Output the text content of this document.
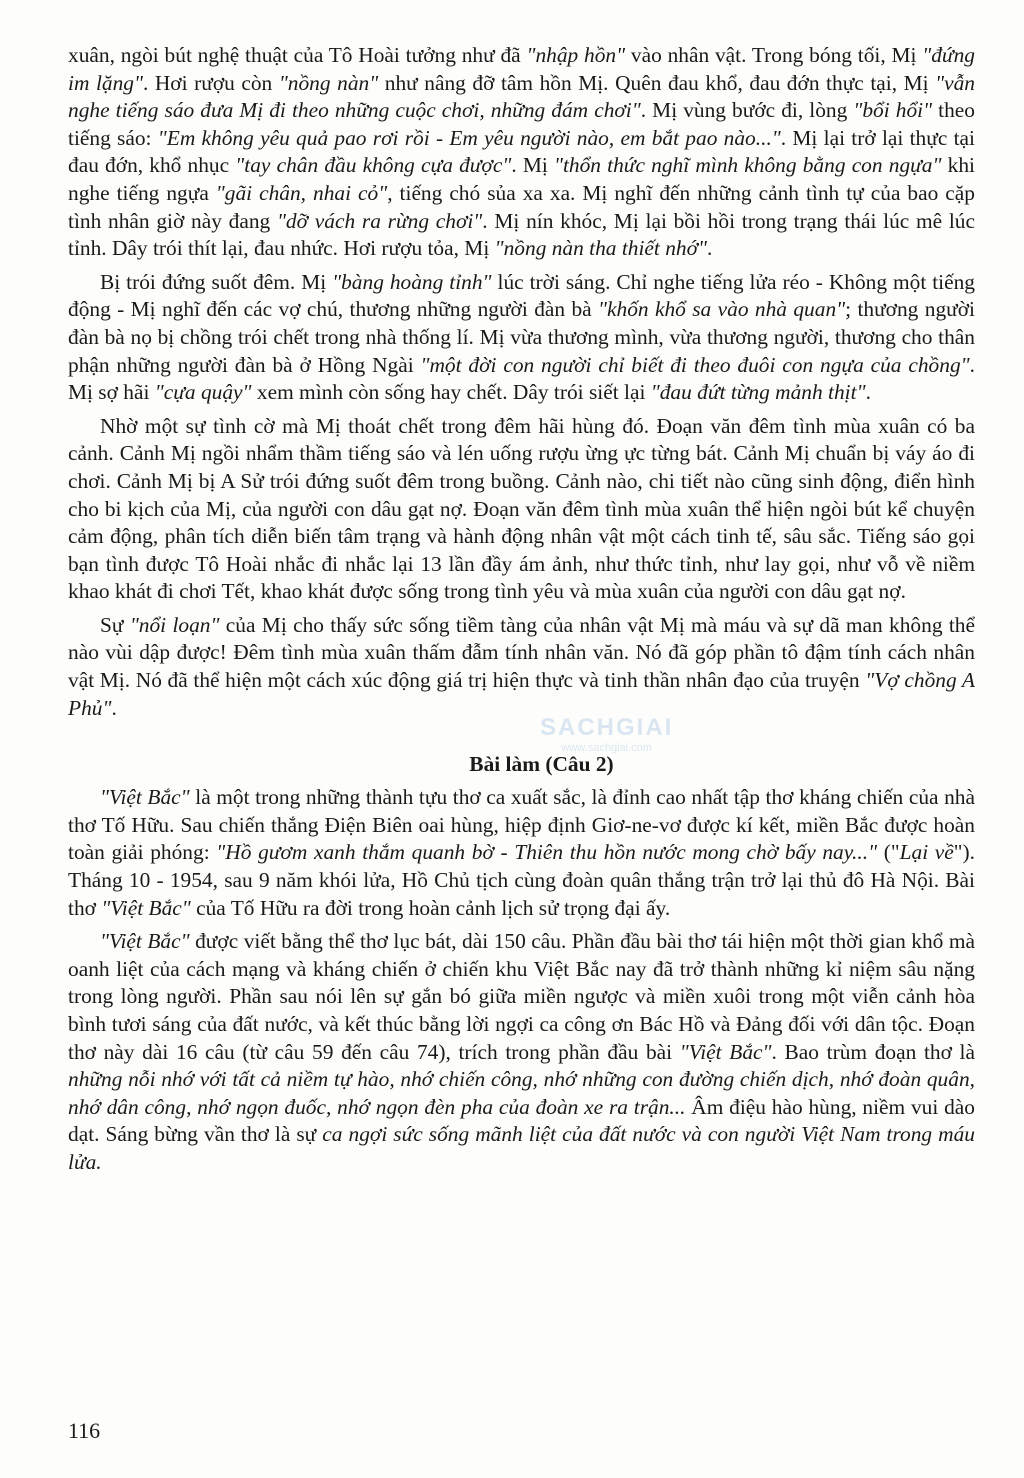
xuân, ngòi bút nghệ thuật của Tô Hoài tưởng như đã "nhập hồn" vào nhân vật. Trong bóng tối, Mị "đứng im lặng". Hơi rượu còn "nồng nàn" như nâng đỡ tâm hồn Mị. Quên đau khổ, đau đớn thực tại, Mị "vẫn nghe tiếng sáo đưa Mị đi theo những cuộc chơi, những đám chơi". Mị vùng bước đi, lòng "bổi hổi" theo tiếng sáo: "Em không yêu quả pao rơi rồi - Em yêu người nào, em bắt pao nào...". Mị lại trở lại thực tại đau đớn, khổ nhục "tay chân đầu không cựa được". Mị "thổn thức nghĩ mình không bằng con ngựa" khi nghe tiếng ngựa "gãi chân, nhai cỏ", tiếng chó sủa xa xa. Mị nghĩ đến những cảnh tình tự của bao cặp tình nhân giờ này đang "dỡ vách ra rừng chơi". Mị nín khóc, Mị lại bồi hồi trong trạng thái lúc mê lúc tỉnh. Dây trói thít lại, đau nhức. Hơi rượu tỏa, Mị "nồng nàn tha thiết nhớ".

Bị trói đứng suốt đêm. Mị "bàng hoàng tỉnh" lúc trời sáng. Chỉ nghe tiếng lửa réo - Không một tiếng động - Mị nghĩ đến các vợ chú, thương những người đàn bà "khốn khổ sa vào nhà quan"; thương người đàn bà nọ bị chồng trói chết trong nhà thống lí. Mị vừa thương mình, vừa thương người, thương cho thân phận những người đàn bà ở Hồng Ngài "một đời con người chỉ biết đi theo đuôi con ngựa của chồng". Mị sợ hãi "cựa quậy" xem mình còn sống hay chết. Dây trói siết lại "đau đứt từng mảnh thịt".

Nhờ một sự tình cờ mà Mị thoát chết trong đêm hãi hùng đó. Đoạn văn đêm tình mùa xuân có ba cảnh. Cảnh Mị ngồi nhẩm thầm tiếng sáo và lén uống rượu ừng ực từng bát. Cảnh Mị chuẩn bị váy áo đi chơi. Cảnh Mị bị A Sử trói đứng suốt đêm trong buồng. Cảnh nào, chi tiết nào cũng sinh động, điển hình cho bi kịch của Mị, của người con dâu gạt nợ. Đoạn văn đêm tình mùa xuân thể hiện ngòi bút kể chuyện cảm động, phân tích diễn biến tâm trạng và hành động nhân vật một cách tinh tế, sâu sắc. Tiếng sáo gọi bạn tình được Tô Hoài nhắc đi nhắc lại 13 lần đầy ám ảnh, như thức tỉnh, như lay gọi, như vỗ về niềm khao khát đi chơi Tết, khao khát được sống trong tình yêu và mùa xuân của người con dâu gạt nợ.

Sự "nổi loạn" của Mị cho thấy sức sống tiềm tàng của nhân vật Mị mà máu và sự dã man không thể nào vùi dập được! Đêm tình mùa xuân thấm đẫm tính nhân văn. Nó đã góp phần tô đậm tính cách nhân vật Mị. Nó đã thể hiện một cách xúc động giá trị hiện thực và tinh thần nhân đạo của truyện "Vợ chồng A Phủ".

Bài làm (Câu 2)

"Việt Bắc" là một trong những thành tựu thơ ca xuất sắc, là đỉnh cao nhất tập thơ kháng chiến của nhà thơ Tố Hữu. Sau chiến thắng Điện Biên oai hùng, hiệp định Giơ-ne-vơ được kí kết, miền Bắc được hoàn toàn giải phóng: "Hồ gươm xanh thắm quanh bờ - Thiên thu hồn nước mong chờ bấy nay..." ("Lại về"). Tháng 10 - 1954, sau 9 năm khói lửa, Hồ Chủ tịch cùng đoàn quân thắng trận trở lại thủ đô Hà Nội. Bài thơ "Việt Bắc" của Tố Hữu ra đời trong hoàn cảnh lịch sử trọng đại ấy.

"Việt Bắc" được viết bằng thể thơ lục bát, dài 150 câu. Phần đầu bài thơ tái hiện một thời gian khổ mà oanh liệt của cách mạng và kháng chiến ở chiến khu Việt Bắc nay đã trở thành những kỉ niệm sâu nặng trong lòng người. Phần sau nói lên sự gắn bó giữa miền ngược và miền xuôi trong một viễn cảnh hòa bình tươi sáng của đất nước, và kết thúc bằng lời ngợi ca công ơn Bác Hồ và Đảng đối với dân tộc. Đoạn thơ này dài 16 câu (từ câu 59 đến câu 74), trích trong phần đầu bài "Việt Bắc". Bao trùm đoạn thơ là những nỗi nhớ với tất cả niềm tự hào, nhớ chiến công, nhớ những con đường chiến dịch, nhớ đoàn quân, nhớ dân công, nhớ ngọn đuốc, nhớ ngọn đèn pha của đoàn xe ra trận... Âm điệu hào hùng, niềm vui dào dạt. Sáng bừng vần thơ là sự ca ngợi sức sống mãnh liệt của đất nước và con người Việt Nam trong máu lửa.

SACHGIAI
www.sachgiai.com
116
